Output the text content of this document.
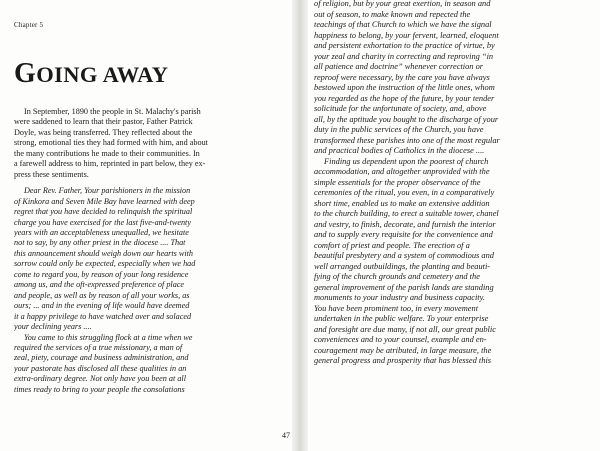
Chapter 5
GOING AWAY
In September, 1890 the people in St. Malachy's parish
were saddened to learn that their pastor, Father Patrick
Doyle, was being transferred. They reflected about the
strong, emotional ties they had formed with him, and about
the many contributions he made to their communities. In
a farewell address to him, reprinted in part below, they ex-
press these sentiments.
Dear Rev. Father, Your parishioners in the mission
of Kinkora and Seven Mile Bay have learned with deep
regret that you have decided to relinquish the spiritual
charge you have exercised for the last five-and-twenty
years with an acceptableness unequalled, we hesitate
not to say, by any other priest in the diocese .... That
this announcement should weigh down our hearts with
sorrow could only be expected, especially when we had
come to regard you, by reason of your long residence
among us, and the oft-expressed preference of place
and people, as well as by reason of all your works, as
ours; ... and in the evening of life would have deemed
it a happy privilege to have watched over and solaced
your declining years ....
You came to this struggling flock at a time when we
required the services of a true missionary, a man of
zeal, piety, courage and business administration, and
your pastorate has disclosed all these qualities in an
extra-ordinary degree. Not only have you been at all
times ready to bring to your people the consolations
47
of religion, but by your great exertion, in season and
out of season, to make known and repected the
teachings of that Church to which we have the signal
happiness to belong, by your fervent, learned, eloquent
and persistent exhortation to the practice of virtue, by
your zeal and charity in correcting and reproving “in
all patience and doctrine” whenever correction or
reproof were necessary, by the care you have always
bestowed upon the instruction of the little ones, whom
you regarded as the hope of the future, by your tender
solicitude for the unfortunate of society, and, above
all, by the aptitude you bought to the discharge of your
duty in the public services of the Church, you have
transformed these parishes into one of the most regular
and practical bodies of Catholics in the diocese ....
Finding us dependent upon the poorest of church
accommodation, and altogether unprovided with the
simple essentials for the proper observance of the
ceremonies of the ritual, you even, in a comparatively
short time, enabled us to make an extensive addition
to the church building, to erect a suitable tower, chanel
and vestry, to finish, decorate, and furnish the interior
and to supply every requisite for the convenience and
comfort of priest and people. The erection of a
beautiful presbytery and a system of commodious and
well arranged outbuildings, the planting and beauti-
fying of the church grounds and cemetery and the
general improvement of the parish lands are standing
monuments to your industry and business capacity.
You have been prominent too, in every movement
undertaken in the public welfare. To your enterprise
and foresight are due many, if not all, our great public
conveniences and to your counsel, example and en-
couragement may be atributed, in large measure, the
general progress and prosperity that has blessed this
